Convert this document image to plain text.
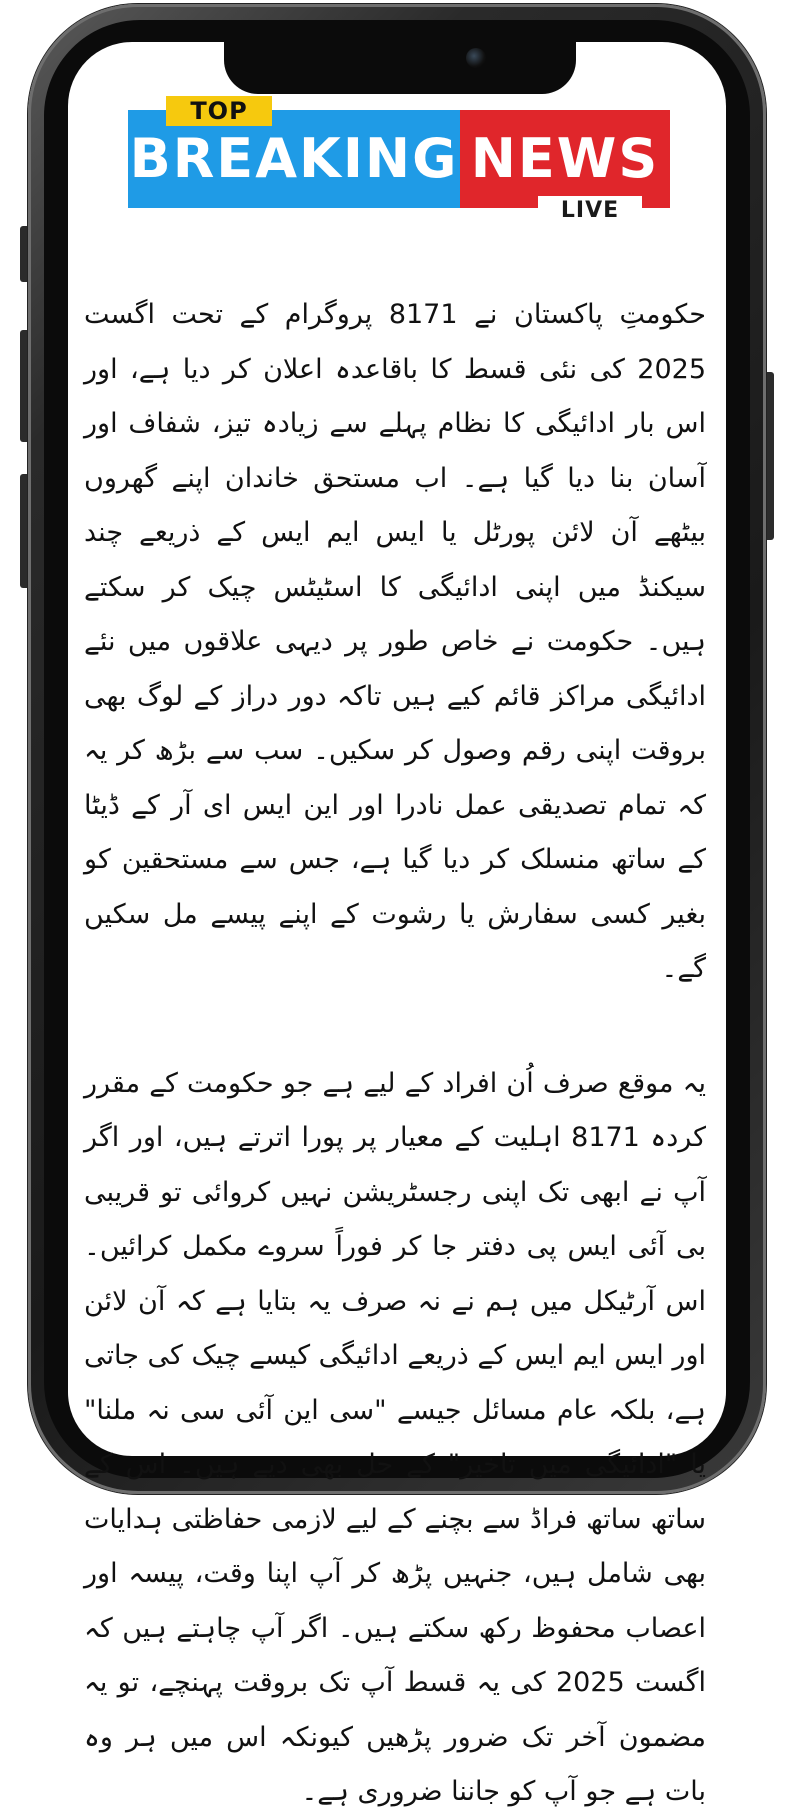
BREAKING NEWS
TOP
LIVE

حکومتِ پاکستان نے 8171 پروگرام کے تحت اگست 2025 کی نئی قسط کا باقاعدہ اعلان کر دیا ہے، اور اس بار ادائیگی کا نظام پہلے سے زیادہ تیز، شفاف اور آسان بنا دیا گیا ہے۔ اب مستحق خاندان اپنے گھروں بیٹھے آن لائن پورٹل یا ایس ایم ایس کے ذریعے چند سیکنڈ میں اپنی ادائیگی کا اسٹیٹس چیک کر سکتے ہیں۔ حکومت نے خاص طور پر دیہی علاقوں میں نئے ادائیگی مراکز قائم کیے ہیں تاکہ دور دراز کے لوگ بھی بروقت اپنی رقم وصول کر سکیں۔ سب سے بڑھ کر یہ کہ تمام تصدیقی عمل نادرا اور این ایس ای آر کے ڈیٹا کے ساتھ منسلک کر دیا گیا ہے، جس سے مستحقین کو بغیر کسی سفارش یا رشوت کے اپنے پیسے مل سکیں گے۔

یہ موقع صرف اُن افراد کے لیے ہے جو حکومت کے مقرر کردہ 8171 اہلیت کے معیار پر پورا اترتے ہیں، اور اگر آپ نے ابھی تک اپنی رجسٹریشن نہیں کروائی تو قریبی بی آئی ایس پی دفتر جا کر فوراً سروے مکمل کرائیں۔ اس آرٹیکل میں ہم نے نہ صرف یہ بتایا ہے کہ آن لائن اور ایس ایم ایس کے ذریعے ادائیگی کیسے چیک کی جاتی ہے، بلکہ عام مسائل جیسے "سی این آئی سی نہ ملنا" یا "ادائیگی میں تاخیر" کے حل بھی دیے ہیں۔ اس کے ساتھ ساتھ فراڈ سے بچنے کے لیے لازمی حفاظتی ہدایات بھی شامل ہیں، جنہیں پڑھ کر آپ اپنا وقت، پیسہ اور اعصاب محفوظ رکھ سکتے ہیں۔ اگر آپ چاہتے ہیں کہ اگست 2025 کی یہ قسط آپ تک بروقت پہنچے، تو یہ مضمون آخر تک ضرور پڑھیں کیونکہ اس میں ہر وہ بات ہے جو آپ کو جاننا ضروری ہے۔
